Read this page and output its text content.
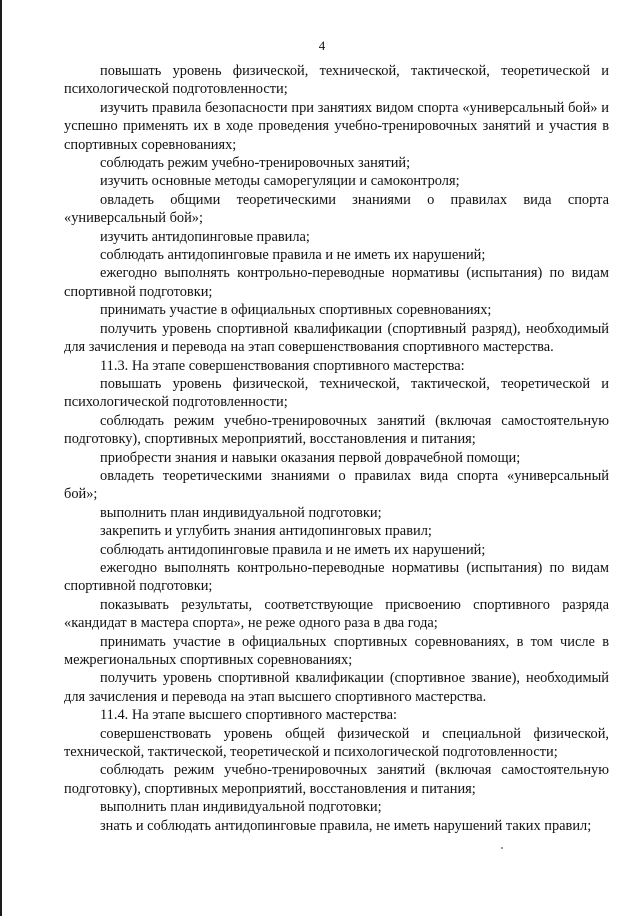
4

повышать уровень физической, технической, тактической, теоретической и психологической подготовленности;

изучить правила безопасности при занятиях видом спорта «универсальный бой» и успешно применять их в ходе проведения учебно-тренировочных занятий и участия в спортивных соревнованиях;

соблюдать режим учебно-тренировочных занятий;

изучить основные методы саморегуляции и самоконтроля;

овладеть общими теоретическими знаниями о правилах вида спорта «универсальный бой»;

изучить антидопинговые правила;

соблюдать антидопинговые правила и не иметь их нарушений;

ежегодно выполнять контрольно-переводные нормативы (испытания) по видам спортивной подготовки;

принимать участие в официальных спортивных соревнованиях;

получить уровень спортивной квалификации (спортивный разряд), необходимый для зачисления и перевода на этап совершенствования спортивного мастерства.

11.3. На этапе совершенствования спортивного мастерства:

повышать уровень физической, технической, тактической, теоретической и психологической подготовленности;

соблюдать режим учебно-тренировочных занятий (включая самостоятельную подготовку), спортивных мероприятий, восстановления и питания;

приобрести знания и навыки оказания первой доврачебной помощи;

овладеть теоретическими знаниями о правилах вида спорта «универсальный бой»;

выполнить план индивидуальной подготовки;

закрепить и углубить знания антидопинговых правил;

соблюдать антидопинговые правила и не иметь их нарушений;

ежегодно выполнять контрольно-переводные нормативы (испытания) по видам спортивной подготовки;

показывать результаты, соответствующие присвоению спортивного разряда «кандидат в мастера спорта», не реже одного раза в два года;

принимать участие в официальных спортивных соревнованиях, в том числе в межрегиональных спортивных соревнованиях;

получить уровень спортивной квалификации (спортивное звание), необходимый для зачисления и перевода на этап высшего спортивного мастерства.

11.4. На этапе высшего спортивного мастерства:

совершенствовать уровень общей физической и специальной физической, технической, тактической, теоретической и психологической подготовленности;

соблюдать режим учебно-тренировочных занятий (включая самостоятельную подготовку), спортивных мероприятий, восстановления и питания;

выполнить план индивидуальной подготовки;

знать и соблюдать антидопинговые правила, не иметь нарушений таких правил;
